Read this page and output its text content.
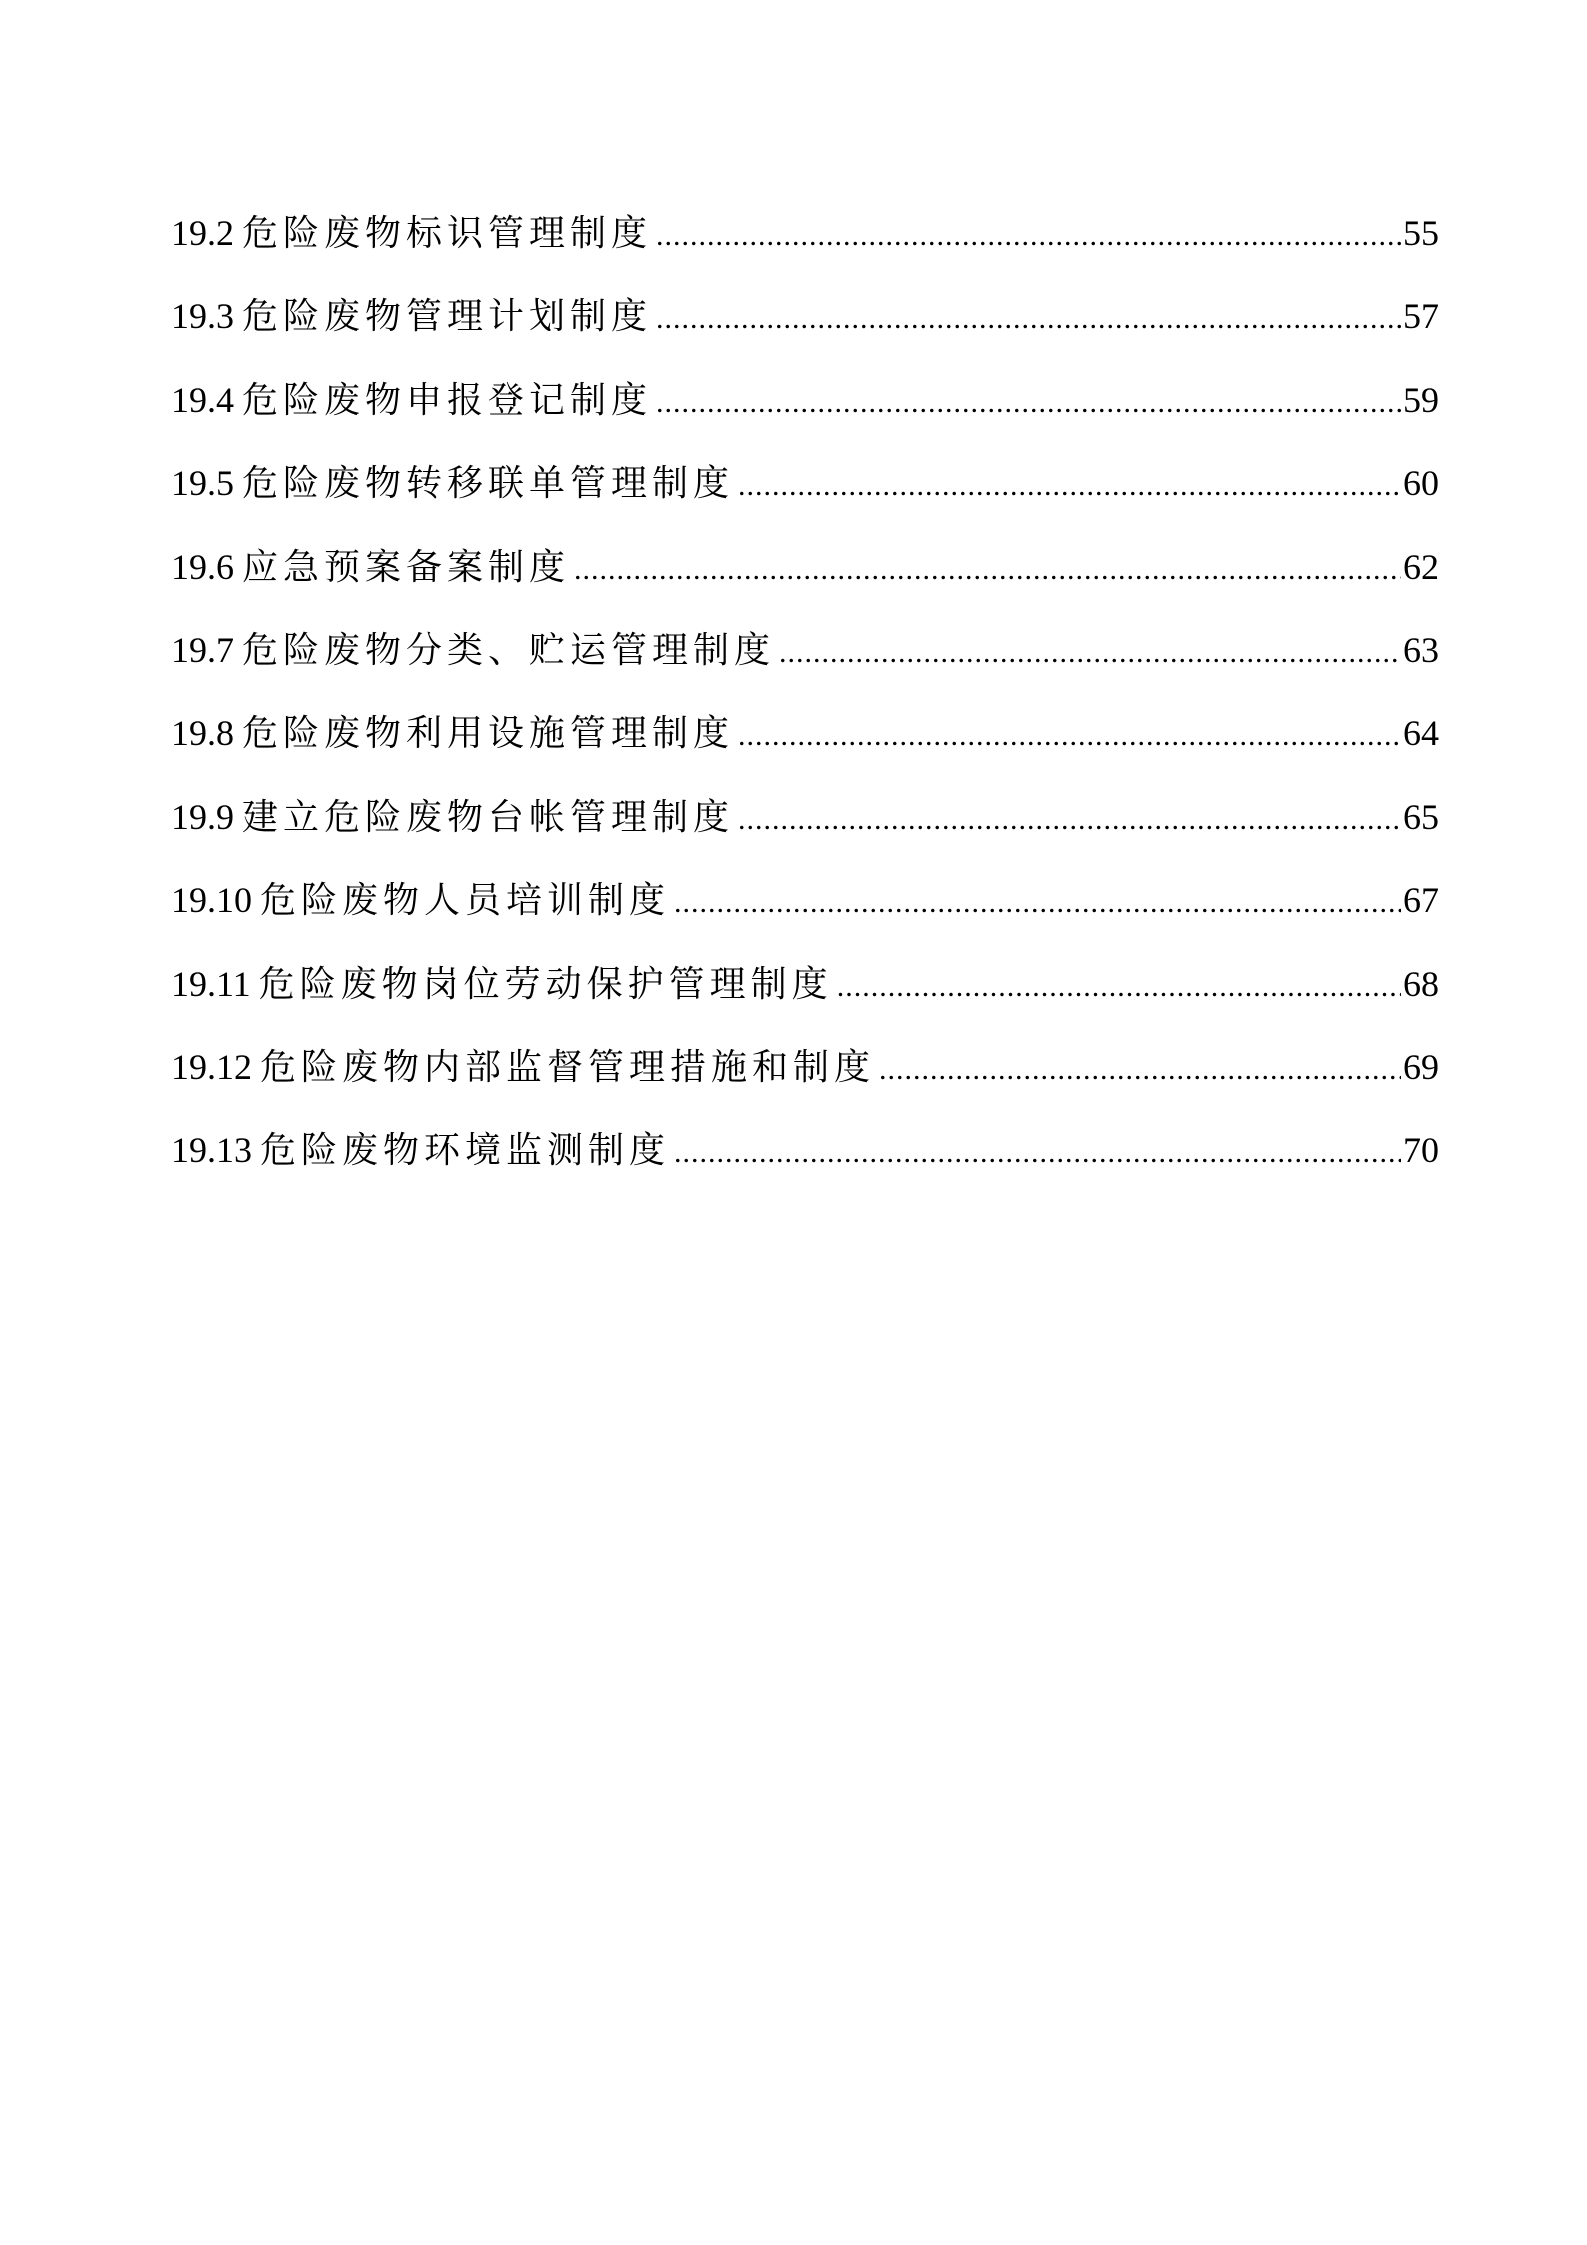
19.2 危险废物标识管理制度 .....	55
19.3 危险废物管理计划制度 .....	57
19.4 危险废物申报登记制度 .....	59
19.5 危险废物转移联单管理制度 .....	60
19.6 应急预案备案制度 .....	62
19.7 危险废物分类、贮运管理制度 .....	63
19.8 危险废物利用设施管理制度 .....	64
19.9 建立危险废物台帐管理制度 .....	65
19.10 危险废物人员培训制度 .....	67
19.11 危险废物岗位劳动保护管理制度 .....	68
19.12 危险废物内部监督管理措施和制度 .....	69
19.13 危险废物环境监测制度 .....	70
